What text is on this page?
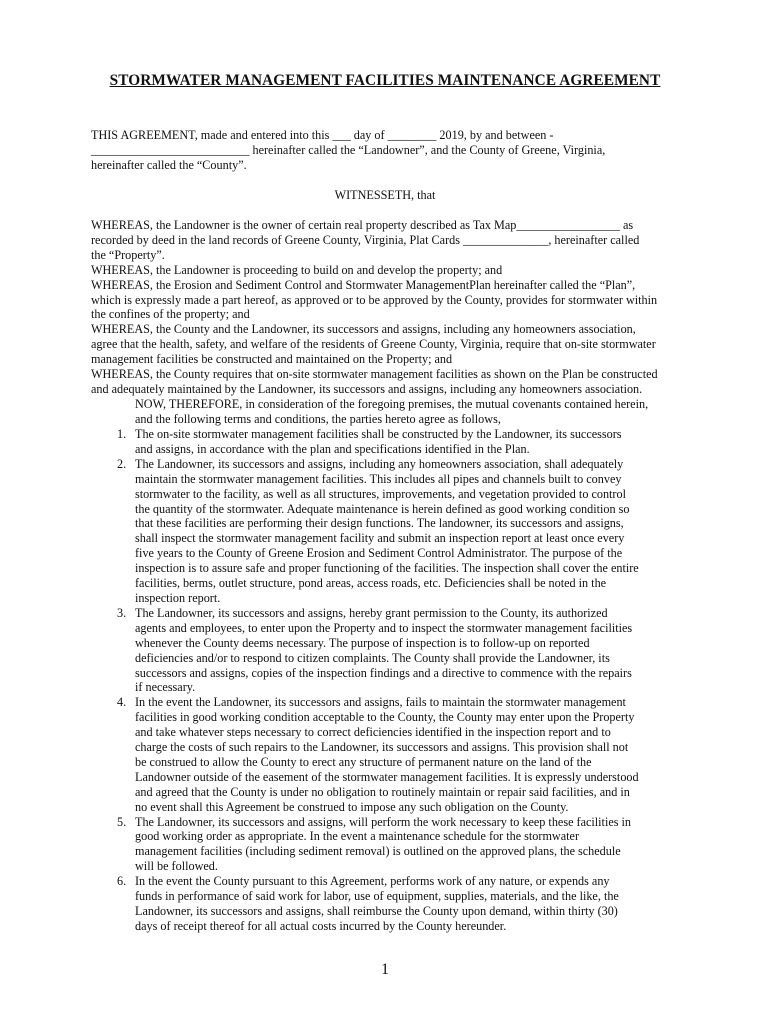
STORMWATER MANAGEMENT FACILITIES MAINTENANCE AGREEMENT
THIS AGREEMENT, made and entered into this ___ day of ________ 2019, by and between -
__________________________ hereinafter called the “Landowner”, and the County of Greene, Virginia,
hereinafter called the “County”.
WITNESSETH, that
WHEREAS, the Landowner is the owner of certain real property described as Tax Map_________________ as
recorded by deed in the land records of Greene County, Virginia, Plat Cards ______________, hereinafter called
the “Property”.
WHEREAS, the Landowner is proceeding to build on and develop the property; and
WHEREAS, the Erosion and Sediment Control and Stormwater ManagementPlan hereinafter called the “Plan”,
which is expressly made a part hereof, as approved or to be approved by the County, provides for stormwater within
the confines of the property; and
WHEREAS, the County and the Landowner, its successors and assigns, including any homeowners association,
agree that the health, safety, and welfare of the residents of Greene County, Virginia, require that on-site stormwater
management facilities be constructed and maintained on the Property; and
WHEREAS, the County requires that on-site stormwater management facilities as shown on the Plan be constructed
and adequately maintained by the Landowner, its successors and assigns, including any homeowners association.
NOW, THEREFORE, in consideration of the foregoing premises, the mutual covenants contained herein,
and the following terms and conditions, the parties hereto agree as follows,
1. The on-site stormwater management facilities shall be constructed by the Landowner, its successors
and assigns, in accordance with the plan and specifications identified in the Plan.
2. The Landowner, its successors and assigns, including any homeowners association, shall adequately
maintain the stormwater management facilities. This includes all pipes and channels built to convey
stormwater to the facility, as well as all structures, improvements, and vegetation provided to control
the quantity of the stormwater. Adequate maintenance is herein defined as good working condition so
that these facilities are performing their design functions. The landowner, its successors and assigns,
shall inspect the stormwater management facility and submit an inspection report at least once every
five years to the County of Greene Erosion and Sediment Control Administrator. The purpose of the
inspection is to assure safe and proper functioning of the facilities. The inspection shall cover the entire
facilities, berms, outlet structure, pond areas, access roads, etc. Deficiencies shall be noted in the
inspection report.
3. The Landowner, its successors and assigns, hereby grant permission to the County, its authorized
agents and employees, to enter upon the Property and to inspect the stormwater management facilities
whenever the County deems necessary. The purpose of inspection is to follow-up on reported
deficiencies and/or to respond to citizen complaints. The County shall provide the Landowner, its
successors and assigns, copies of the inspection findings and a directive to commence with the repairs
if necessary.
4. In the event the Landowner, its successors and assigns, fails to maintain the stormwater management
facilities in good working condition acceptable to the County, the County may enter upon the Property
and take whatever steps necessary to correct deficiencies identified in the inspection report and to
charge the costs of such repairs to the Landowner, its successors and assigns. This provision shall not
be construed to allow the County to erect any structure of permanent nature on the land of the
Landowner outside of the easement of the stormwater management facilities. It is expressly understood
and agreed that the County is under no obligation to routinely maintain or repair said facilities, and in
no event shall this Agreement be construed to impose any such obligation on the County.
5. The Landowner, its successors and assigns, will perform the work necessary to keep these facilities in
good working order as appropriate. In the event a maintenance schedule for the stormwater
management facilities (including sediment removal) is outlined on the approved plans, the schedule
will be followed.
6. In the event the County pursuant to this Agreement, performs work of any nature, or expends any
funds in performance of said work for labor, use of equipment, supplies, materials, and the like, the
Landowner, its successors and assigns, shall reimburse the County upon demand, within thirty (30)
days of receipt thereof for all actual costs incurred by the County hereunder.
1
